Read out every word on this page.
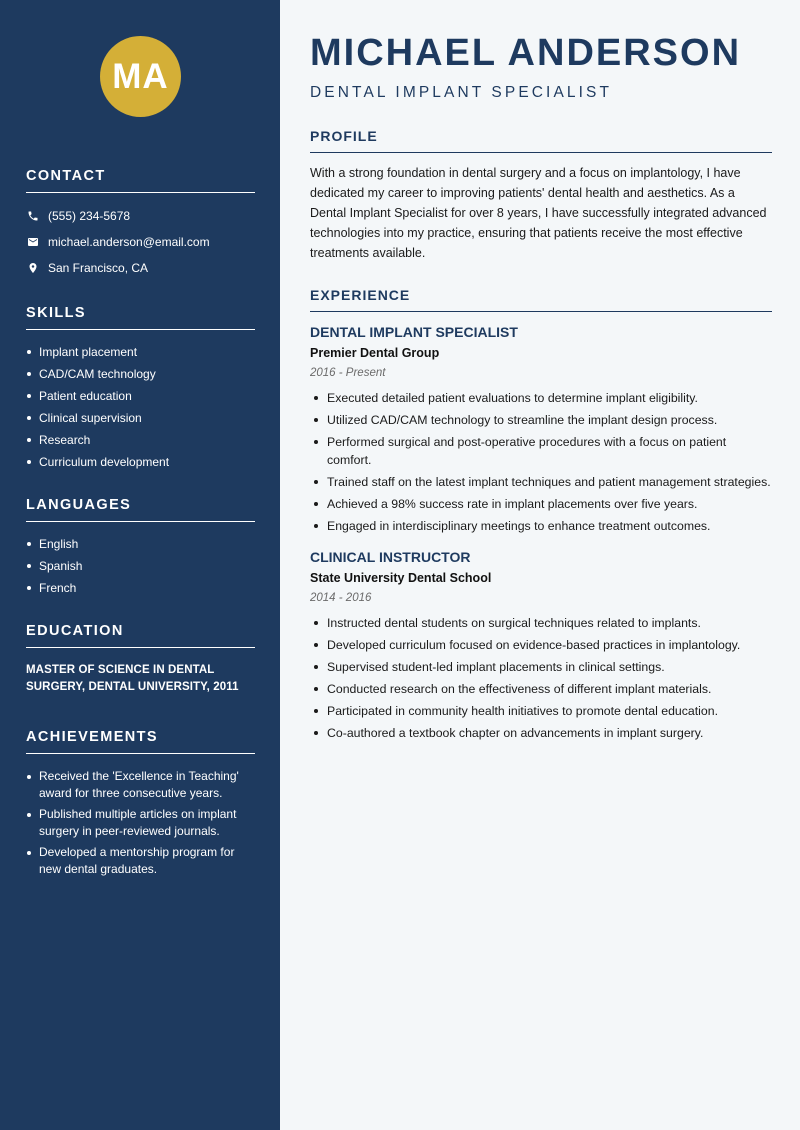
MA
CONTACT
(555) 234-5678
michael.anderson@email.com
San Francisco, CA
SKILLS
Implant placement
CAD/CAM technology
Patient education
Clinical supervision
Research
Curriculum development
LANGUAGES
English
Spanish
French
EDUCATION
MASTER OF SCIENCE IN DENTAL SURGERY, DENTAL UNIVERSITY, 2011
ACHIEVEMENTS
Received the 'Excellence in Teaching' award for three consecutive years.
Published multiple articles on implant surgery in peer-reviewed journals.
Developed a mentorship program for new dental graduates.
MICHAEL ANDERSON
DENTAL IMPLANT SPECIALIST
PROFILE

With a strong foundation in dental surgery and a focus on implantology, I have dedicated my career to improving patients' dental health and aesthetics. As a Dental Implant Specialist for over 8 years, I have successfully integrated advanced technologies into my practice, ensuring that patients receive the most effective treatments available.

EXPERIENCE
DENTAL IMPLANT SPECIALIST
Premier Dental Group
2016 - Present
Executed detailed patient evaluations to determine implant eligibility.
Utilized CAD/CAM technology to streamline the implant design process.
Performed surgical and post-operative procedures with a focus on patient comfort.
Trained staff on the latest implant techniques and patient management strategies.
Achieved a 98% success rate in implant placements over five years.
Engaged in interdisciplinary meetings to enhance treatment outcomes.
CLINICAL INSTRUCTOR
State University Dental School
2014 - 2016
Instructed dental students on surgical techniques related to implants.
Developed curriculum focused on evidence-based practices in implantology.
Supervised student-led implant placements in clinical settings.
Conducted research on the effectiveness of different implant materials.
Participated in community health initiatives to promote dental education.
Co-authored a textbook chapter on advancements in implant surgery.
